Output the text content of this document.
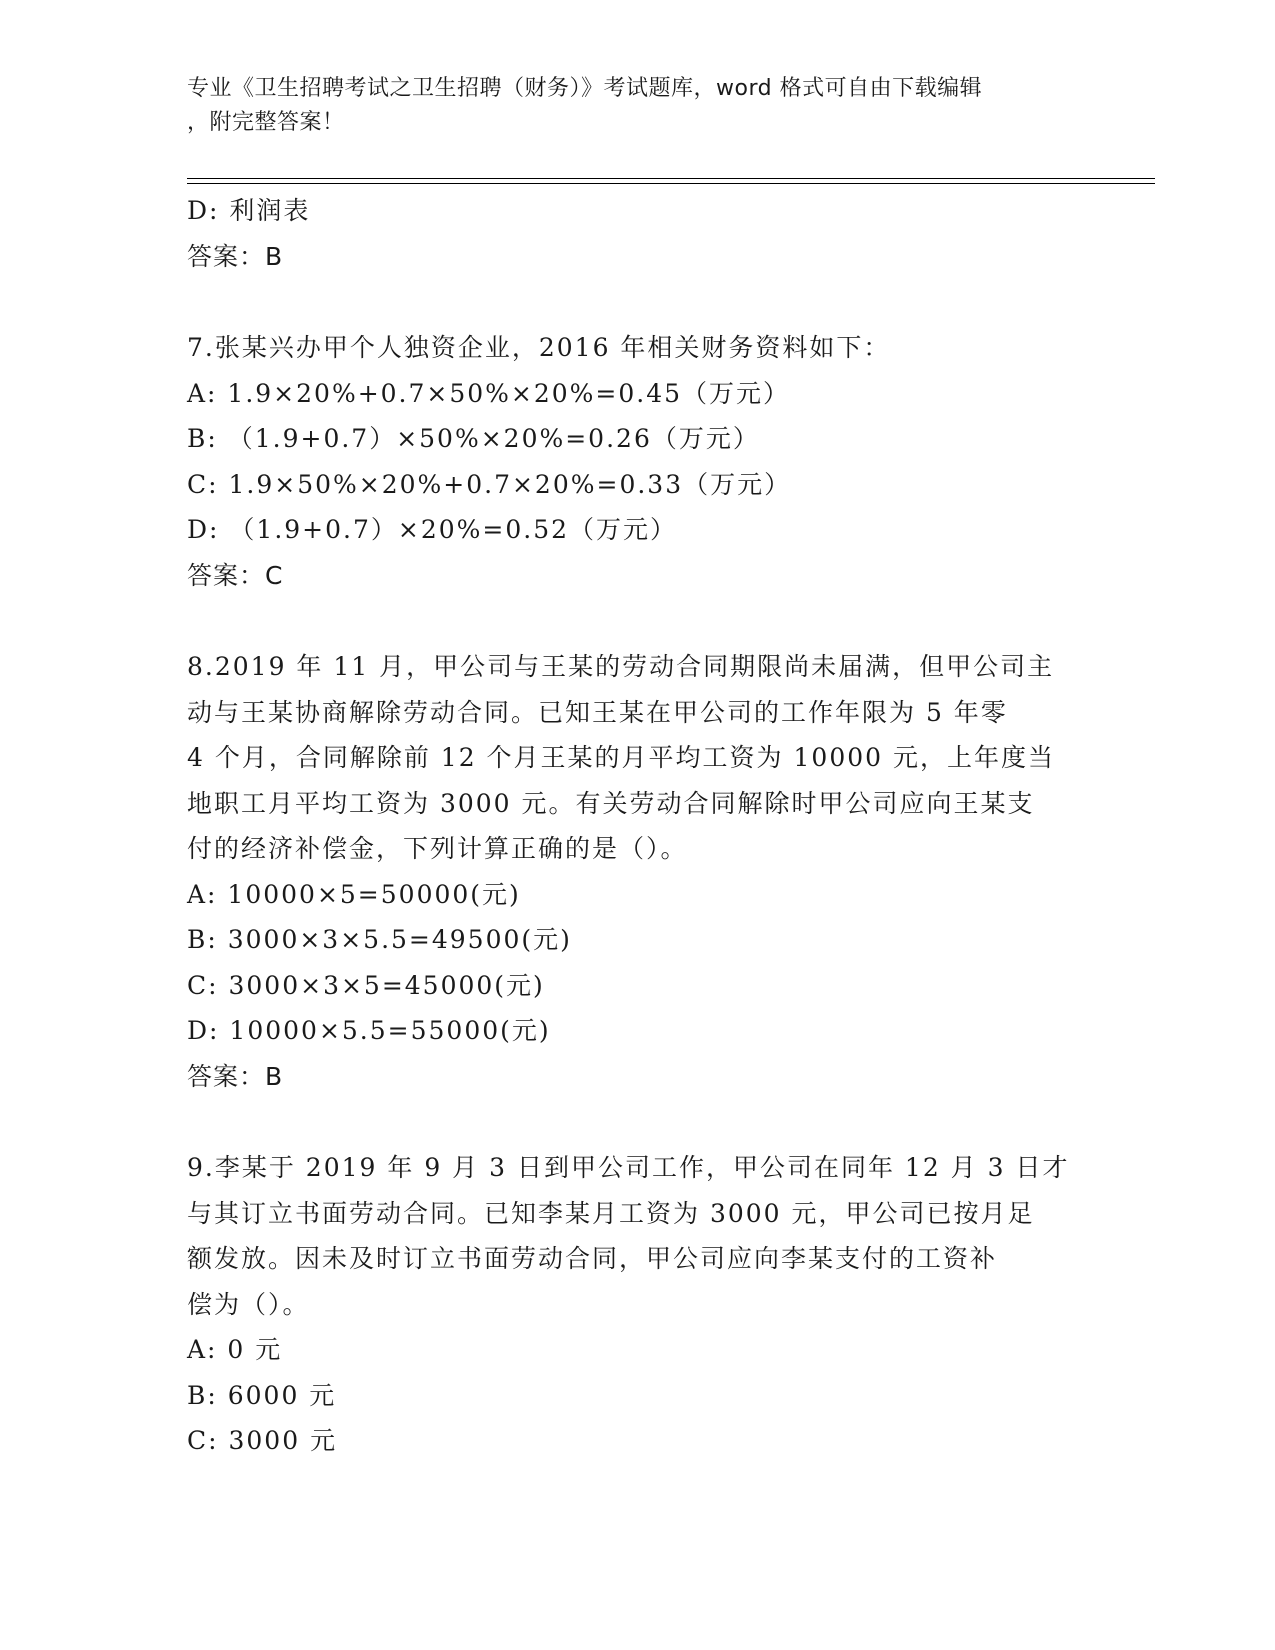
专业《卫生招聘考试之卫生招聘（财务）》考试题库，word 格式可自由下载编辑
，附完整答案！
D: 利润表
答案：B
7.张某兴办甲个人独资企业，2016 年相关财务资料如下：
A: 1.9×20%+0.7×50%×20%=0.45（万元）
B: （1.9+0.7）×50%×20%=0.26（万元）
C: 1.9×50%×20%+0.7×20%=0.33（万元）
D: （1.9+0.7）×20%=0.52（万元）
答案：C
8.2019 年 11 月，甲公司与王某的劳动合同期限尚未届满，但甲公司主
动与王某协商解除劳动合同。已知王某在甲公司的工作年限为 5 年零
4 个月，合同解除前 12 个月王某的月平均工资为 10000 元，上年度当
地职工月平均工资为 3000 元。有关劳动合同解除时甲公司应向王某支
付的经济补偿金，下列计算正确的是（）。
A: 10000×5=50000(元)
B: 3000×3×5.5=49500(元)
C: 3000×3×5=45000(元)
D: 10000×5.5=55000(元)
答案：B
9.李某于 2019 年 9 月 3 日到甲公司工作，甲公司在同年 12 月 3 日才
与其订立书面劳动合同。已知李某月工资为 3000 元，甲公司已按月足
额发放。因未及时订立书面劳动合同，甲公司应向李某支付的工资补
偿为（）。
A: 0 元
B: 6000 元
C: 3000 元
